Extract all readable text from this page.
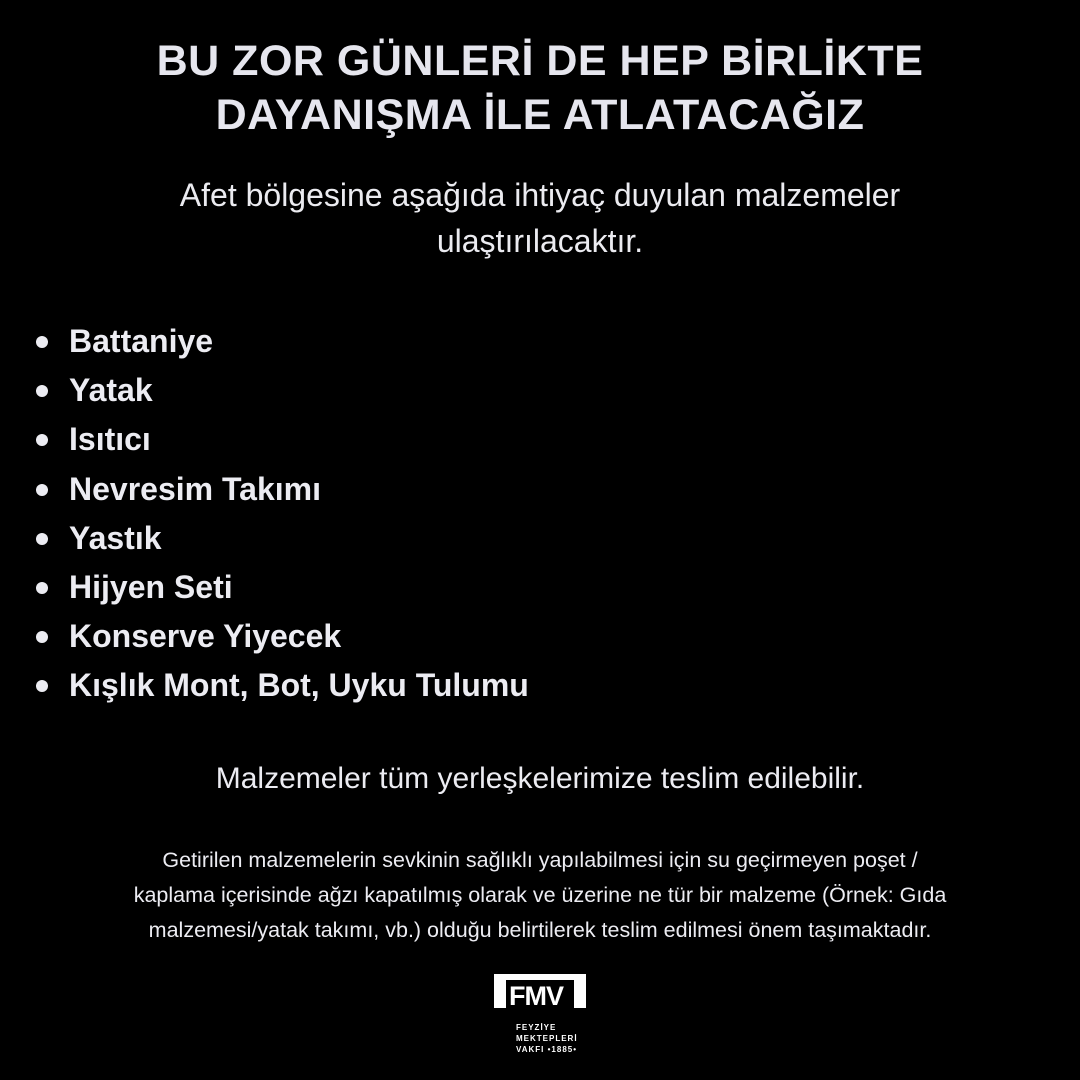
BU ZOR GÜNLERİ DE HEP BİRLİKTE
DAYANIŞMA İLE ATLATACAĞIZ
Afet bölgesine aşağıda ihtiyaç duyulan malzemeler
ulaştırılacaktır.
Battaniye
Yatak
Isıtıcı
Nevresim Takımı
Yastık
Hijyen Seti
Konserve Yiyecek
Kışlık Mont, Bot, Uyku Tulumu
Malzemeler tüm yerleşkelerimize teslim edilebilir.
Getirilen malzemelerin sevkinin sağlıklı yapılabilmesi için su geçirmeyen poşet /
kaplama içerisinde ağzı kapatılmış olarak ve üzerine ne tür bir malzeme (Örnek: Gıda
malzemesi/yatak takımı, vb.) olduğu belirtilerek teslim edilmesi önem taşımaktadır.
FMV
FEYZİYE
MEKTEPLERİ
VAKFI •1885•
